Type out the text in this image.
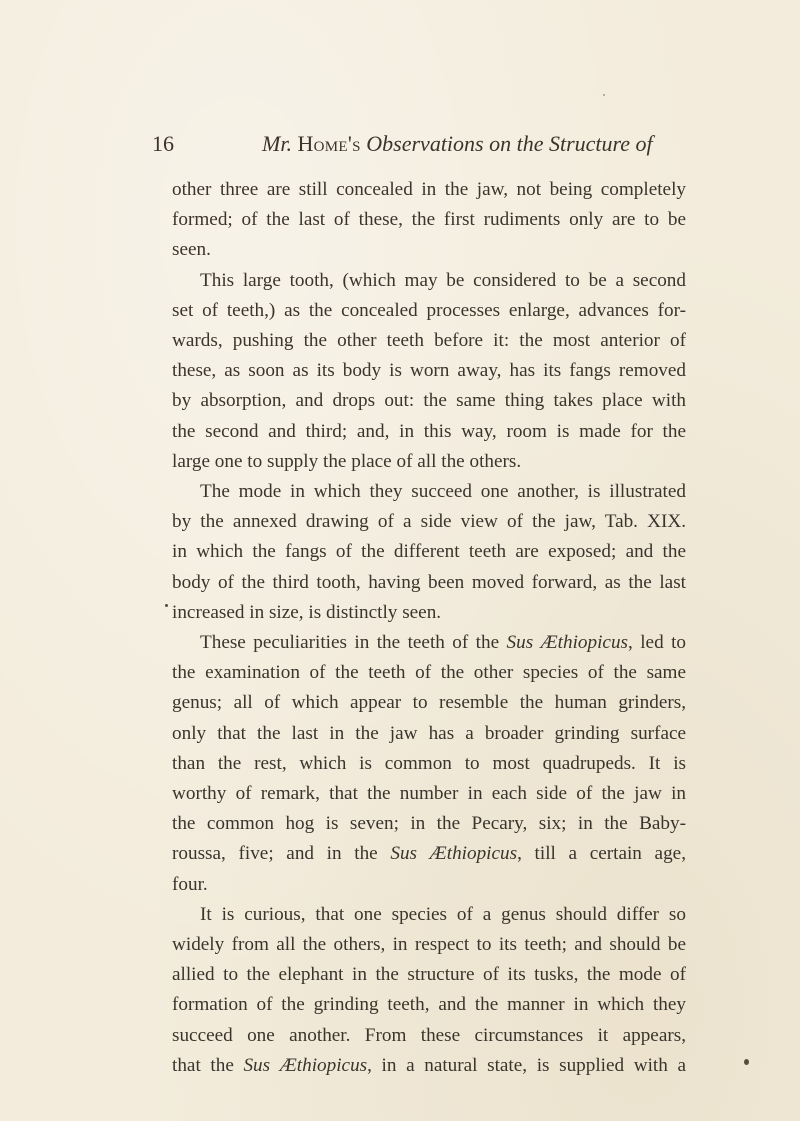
16	Mr. Home's Observations on the Structure of
other three are still concealed in the jaw, not being completely
formed; of the last of these, the first rudiments only are to be
seen.
This large tooth, (which may be considered to be a second
set of teeth,) as the concealed processes enlarge, advances for-
wards, pushing the other teeth before it: the most anterior of
these, as soon as its body is worn away, has its fangs removed
by absorption, and drops out: the same thing takes place with
the second and third; and, in this way, room is made for the
large one to supply the place of all the others.
The mode in which they succeed one another, is illustrated
by the annexed drawing of a side view of the jaw, Tab. XIX.
in which the fangs of the different teeth are exposed; and the
body of the third tooth, having been moved forward, as the last
increased in size, is distinctly seen.
These peculiarities in the teeth of the Sus Æthiopicus, led to
the examination of the teeth of the other species of the same
genus; all of which appear to resemble the human grinders,
only that the last in the jaw has a broader grinding surface
than the rest, which is common to most quadrupeds. It is
worthy of remark, that the number in each side of the jaw in
the common hog is seven; in the Pecary, six; in the Baby-
roussa, five; and in the Sus Æthiopicus, till a certain age,
four.
It is curious, that one species of a genus should differ so
widely from all the others, in respect to its teeth; and should be
allied to the elephant in the structure of its tusks, the mode of
formation of the grinding teeth, and the manner in which they
succeed one another. From these circumstances it appears,
that the Sus Æthiopicus, in a natural state, is supplied with a
